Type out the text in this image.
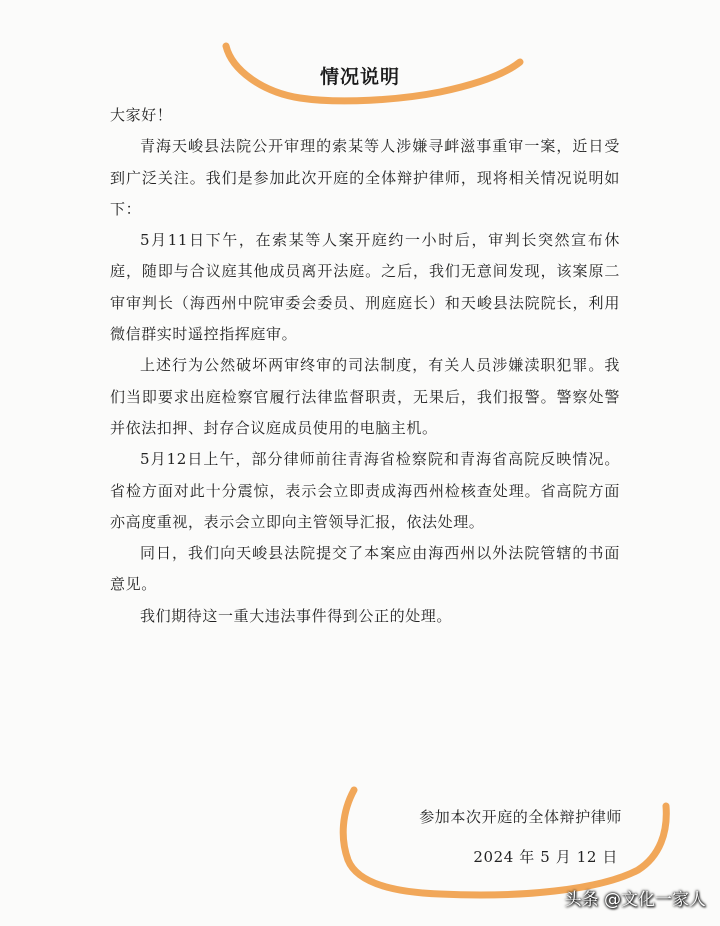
情况说明

大家好！

青海天峻县法院公开审理的索某等人涉嫌寻衅滋事重审一案，近日受到广泛关注。我们是参加此次开庭的全体辩护律师，现将相关情况说明如下：

5月11日下午，在索某等人案开庭约一小时后，审判长突然宣布休庭，随即与合议庭其他成员离开法庭。之后，我们无意间发现，该案原二审审判长（海西州中院审委会委员、刑庭庭长）和天峻县法院院长，利用微信群实时遥控指挥庭审。

上述行为公然破坏两审终审的司法制度，有关人员涉嫌渎职犯罪。我们当即要求出庭检察官履行法律监督职责，无果后，我们报警。警察处警并依法扣押、封存合议庭成员使用的电脑主机。

5月12日上午，部分律师前往青海省检察院和青海省高院反映情况。省检方面对此十分震惊，表示会立即责成海西州检核查处理。省高院方面亦高度重视，表示会立即向主管领导汇报，依法处理。

同日，我们向天峻县法院提交了本案应由海西州以外法院管辖的书面意见。

我们期待这一重大违法事件得到公正的处理。

参加本次开庭的全体辩护律师
2024 年 5 月 12 日
头条 @文化一家人
